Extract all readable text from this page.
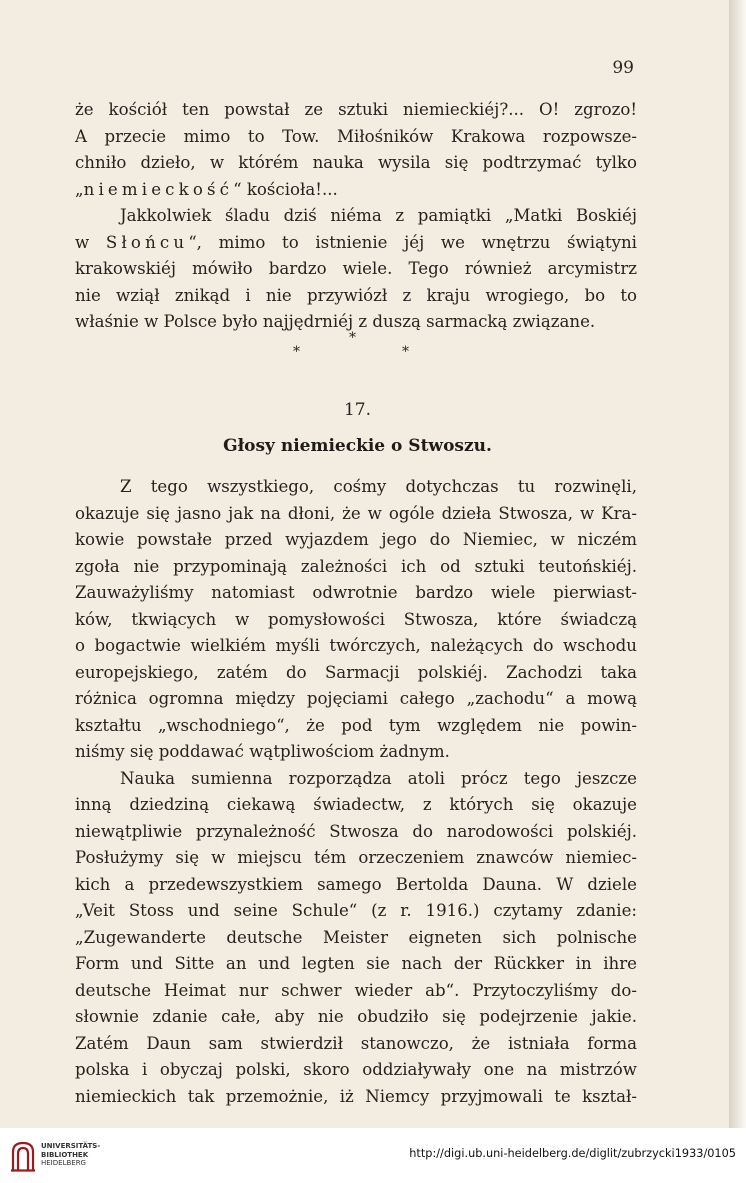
99

że kościół ten powstał ze sztuki niemieckiéj?... O! zgrozo!

A przecie mimo to Tow. Miłośników Krakowa rozpowsze-

chniło dzieło, w którém nauka wysila się podtrzymać tylko

„niemieckość“ kościoła!...

Jakkolwiek śladu dziś niéma z pamiątki „Matki Boskiéj

w Słońcu“, mimo to istnienie jéj we wnętrzu świątyni

krakowskiéj mówiło bardzo wiele. Tego również arcymistrz

nie wziął znikąd i nie przywiózł z kraju wrogiego, bo to

właśnie w Polsce było najjędrniéj z duszą sarmacką związane.

*
*	*
17.
Głosy niemieckie o Stwoszu.

Z tego wszystkiego, cośmy dotychczas tu rozwinęli,

okazuje się jasno jak na dłoni, że w ogóle dzieła Stwosza, w Kra-

kowie powstałe przed wyjazdem jego do Niemiec, w niczém

zgoła nie przypominają zależności ich od sztuki teutońskiéj.

Zauważyliśmy natomiast odwrotnie bardzo wiele pierwiast-

ków, tkwiących w pomysłowości Stwosza, które świadczą

o bogactwie wielkiém myśli twórczych, należących do wschodu

europejskiego, zatém do Sarmacji polskiéj. Zachodzi taka

różnica ogromna między pojęciami całego „zachodu“ a mową

kształtu „wschodniego“, że pod tym względem nie powin-

niśmy się poddawać wątpliwościom żadnym.

Nauka sumienna rozporządza atoli prócz tego jeszcze

inną dziedziną ciekawą świadectw, z których się okazuje

niewątpliwie przynależność Stwosza do narodowości polskiéj.

Posłużymy się w miejscu tém orzeczeniem znawców niemiec-

kich a przedewszystkiem samego Bertolda Dauna. W dziele

„Veit Stoss und seine Schule“ (z r. 1916.) czytamy zdanie:

„Zugewanderte deutsche Meister eigneten sich polnische

Form und Sitte an und legten sie nach der Rückker in ihre

deutsche Heimat nur schwer wieder ab“. Przytoczyliśmy do-

słownie zdanie całe, aby nie obudziło się podejrzenie jakie.

Zatém Daun sam stwierdził stanowczo, że istniała forma

polska i obyczaj polski, skoro oddziaływały one na mistrzów

niemieckich tak przemożnie, iż Niemcy przyjmowali te kształ-

UNIVERSITÄTS-
BIBLIOTHEK
HEIDELBERG
http://digi.ub.uni-heidelberg.de/diglit/zubrzycki1933/0105
